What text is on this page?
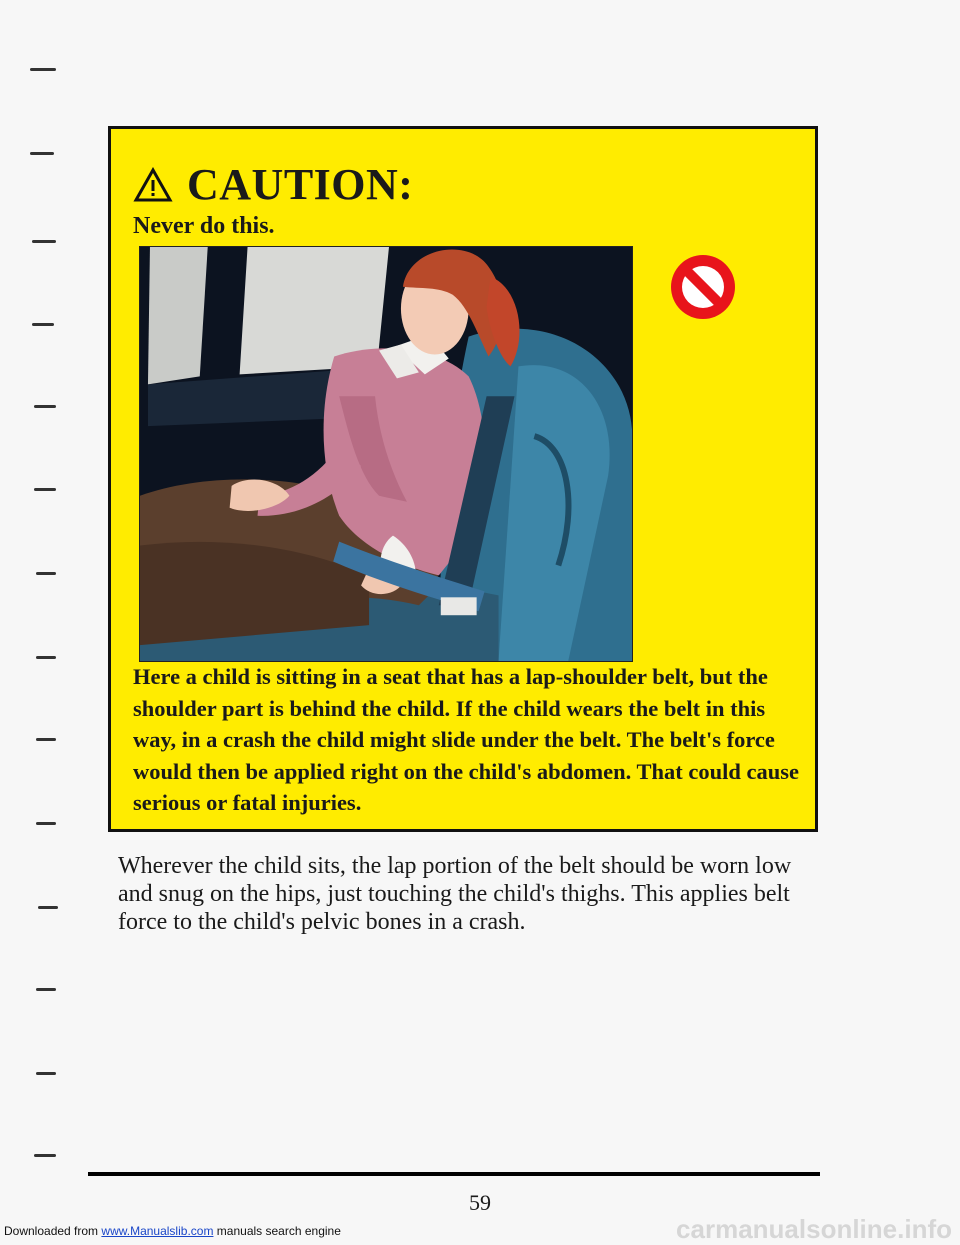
CAUTION:
Never do this.
Here a child is sitting in a seat that has a lap-shoulder belt, but the shoulder part is behind the child. If the child wears the belt in this way, in a crash the child might slide under the belt. The belt's force would then be applied right on the child's abdomen. That could cause serious or fatal injuries.
Wherever the child sits, the lap portion of the belt should be worn low and snug on the hips, just touching the child's thighs. This applies belt force to the child's pelvic bones in a crash.
59
Downloaded from www.Manualslib.com manuals search engine	carmanualsonline.info
